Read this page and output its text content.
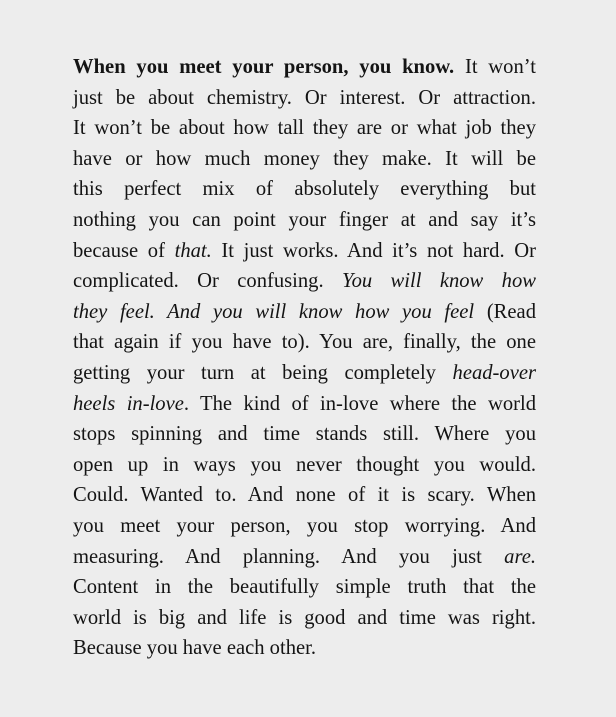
When you meet your person, you know. It won’t
just be about chemistry. Or interest. Or attraction.
It won’t be about how tall they are or what job they
have or how much money they make. It will be
this perfect mix of absolutely everything but
nothing you can point your finger at and say it’s
because of that. It just works. And it’s not hard. Or
complicated. Or confusing. You will know how
they feel. And you will know how you feel (Read
that again if you have to). You are, finally, the one
getting your turn at being completely head-over
heels in-love. The kind of in-love where the world
stops spinning and time stands still. Where you
open up in ways you never thought you would.
Could. Wanted to. And none of it is scary. When
you meet your person, you stop worrying. And
measuring. And planning. And you just are.
Content in the beautifully simple truth that the
world is big and life is good and time was right.
Because you have each other.
